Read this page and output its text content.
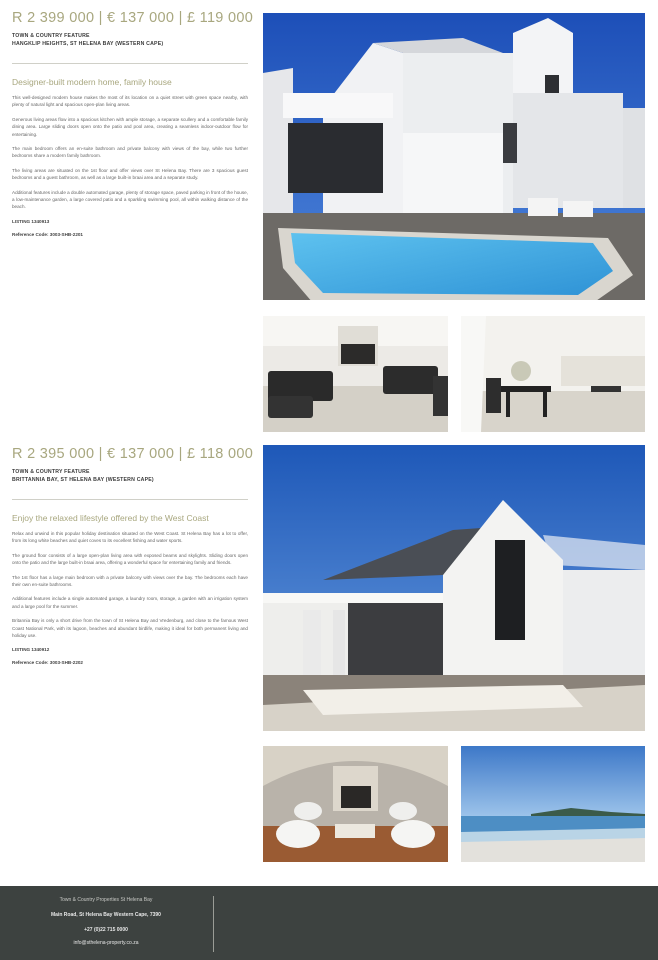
R 2 399 000 | € 137 000 | £ 119 000
TOWN & COUNTRY FEATURE
HANGKLIP HEIGHTS, ST HELENA BAY (WESTERN CAPE)
Designer-built modern home, family house

This well-designed modern house makes the most of its location on a quiet street with green space nearby, with plenty of natural light and spacious open-plan living areas.

Generous living areas flow into a spacious kitchen with ample storage, a separate scullery and a comfortable family dining area. Large sliding doors open onto the patio and pool area, creating a seamless indoor-outdoor flow for entertaining.

The main bedroom offers an en-suite bathroom and private balcony with views of the bay, while two further bedrooms share a modern family bathroom.

The living areas are situated on the 1st floor and offer views over St Helena Bay. There are 3 spacious guest bedrooms and a guest bathroom, as well as a large built-in braai area and a separate study.

Additional features include a double automated garage, plenty of storage space, paved parking in front of the house, a low-maintenance garden, a large covered patio and a sparkling swimming pool, all within walking distance of the beach.

LISTING 1340913
Reference Code: 3003-SHB-2201
R 2 395 000 | € 137 000 | £ 118 000
TOWN & COUNTRY FEATURE
BRITTANNIA BAY, ST HELENA BAY (WESTERN CAPE)
Enjoy the relaxed lifestyle offered by the West Coast

Relax and unwind in this popular holiday destination situated on the West Coast. St Helena Bay has a lot to offer, from its long white beaches and quiet coves to its excellent fishing and water sports.

The ground floor consists of a large open-plan living area with exposed beams and skylights. Sliding doors open onto the patio and the large built-in braai area, offering a wonderful space for entertaining family and friends.

The 1st floor has a large main bedroom with a private balcony with views over the bay. The bedrooms each have their own en-suite bathrooms.

Additional features include a single automated garage, a laundry room, storage, a garden with an irrigation system and a large pool for the summer.

Britannia Bay is only a short drive from the town of St Helena Bay and Vredenburg, and close to the famous West Coast National Park, with its lagoon, beaches and abundant birdlife, making it ideal for both permanent living and holiday use.

LISTING 1340912
Reference Code: 3003-SHB-2202
Town & Country Properties St Helena Bay
Main Road, St Helena Bay Western Cape, 7390
+27 (0)22 715 0000
info@sthelena-property.co.za
